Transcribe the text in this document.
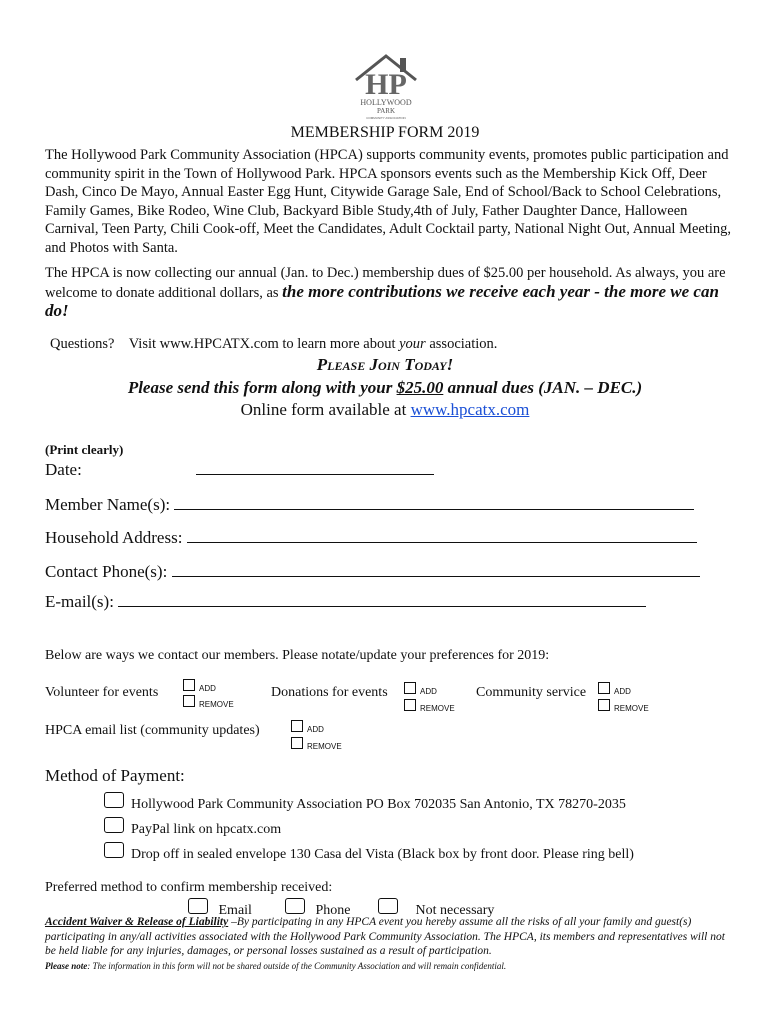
HP
HOLLYWOOD
PARK
COMMUNITY ASSOCIATION
MEMBERSHIP FORM 2019
The Hollywood Park Community Association (HPCA) supports community events, promotes public participation and community spirit in the Town of Hollywood Park. HPCA sponsors events such as the Membership Kick Off, Deer Dash, Cinco De Mayo, Annual Easter Egg Hunt, Citywide Garage Sale, End of School/Back to School Celebrations, Family Games, Bike Rodeo, Wine Club, Backyard Bible Study,4th of July, Father Daughter Dance, Halloween Carnival, Teen Party, Chili Cook-off, Meet the Candidates, Adult Cocktail party, National Night Out, Annual Meeting, and Photos with Santa.
The HPCA is now collecting our annual (Jan. to Dec.) membership dues of $25.00 per household. As always, you are welcome to donate additional dollars, as the more contributions we receive each year - the more we can do!
Questions? Visit www.HPCATX.com to learn more about your association.
Please Join Today!
Please send this form along with your $25.00 annual dues (JAN. – DEC.)
Online form available at www.hpcatx.com
(Print clearly)
Date:
Member Name(s):
Household Address:
Contact Phone(s):
E-mail(s):
Below are ways we contact our members. Please notate/update your preferences for 2019:
Volunteer for events	ADD
REMOVE
Donations for events	ADD
REMOVE
Community service	ADD
REMOVE
HPCA email list (community updates)	ADD
REMOVE
Method of Payment:
Hollywood Park Community Association PO Box 702035 San Antonio, TX 78270-2035
PayPal link on hpcatx.com
Drop off in sealed envelope 130 Casa del Vista (Black box by front door. Please ring bell)
Preferred method to confirm membership received:
Email	Phone	Not necessary
Accident Waiver & Release of Liability –By participating in any HPCA event you hereby assume all the risks of all your family and guest(s) participating in any/all activities associated with the Hollywood Park Community Association. The HPCA, its members and representatives will not be held liable for any injuries, damages, or personal losses sustained as a result of participation.
Please note: The information in this form will not be shared outside of the Community Association and will remain confidential.
